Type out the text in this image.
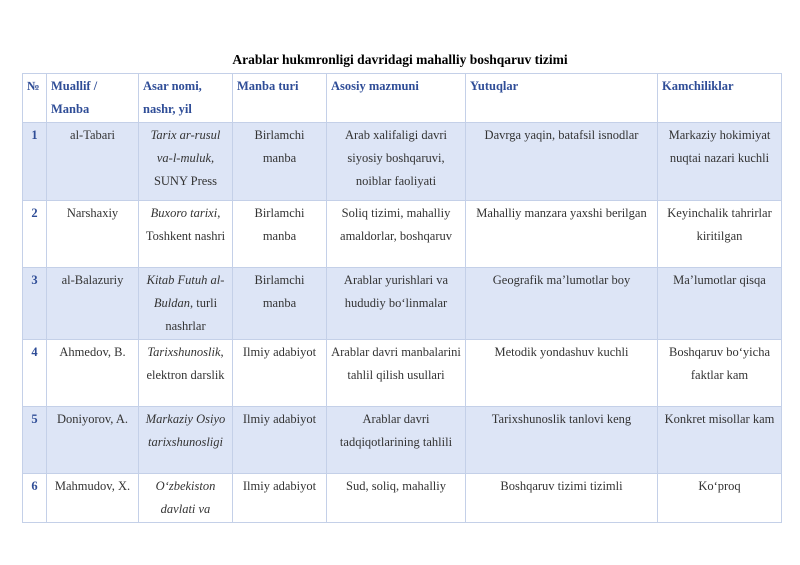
Arablar hukmronligi davridagi mahalliy boshqaruv tizimi
№	Muallif / Manba	Asar nomi, nashr, yil	Manba turi	Asosiy mazmuni	Yutuqlar	Kamchiliklar
1	al-Tabari	Tarix ar-rusul va-l-muluk, SUNY Press	Birlamchi manba	Arab xalifaligi davri siyosiy boshqaruvi, noiblar faoliyati	Davrga yaqin, batafsil isnodlar	Markaziy hokimiyat nuqtai nazari kuchli
2	Narshaxiy	Buxoro tarixi, Toshkent nashri	Birlamchi manba	Soliq tizimi, mahalliy amaldorlar, boshqaruv	Mahalliy manzara yaxshi berilgan	Keyinchalik tahrirlar kiritilgan
3	al-Balazuriy	Kitab Futuh al-Buldan, turli nashrlar	Birlamchi manba	Arablar yurishlari va hududiy bo‘linmalar	Geografik ma’lumotlar boy	Ma’lumotlar qisqa
4	Ahmedov, B.	Tarixshunoslik, elektron darslik	Ilmiy adabiyot	Arablar davri manbalarini tahlil qilish usullari	Metodik yondashuv kuchli	Boshqaruv bo‘yicha faktlar kam
5	Doniyorov, A.	Markaziy Osiyo tarixshunosligi	Ilmiy adabiyot	Arablar davri tadqiqotlarining tahlili	Tarixshunoslik tanlovi keng	Konkret misollar kam
6	Mahmudov, X.	O‘zbekiston davlati va	Ilmiy adabiyot	Sud, soliq, mahalliy	Boshqaruv tizimi tizimli	Ko‘proq
